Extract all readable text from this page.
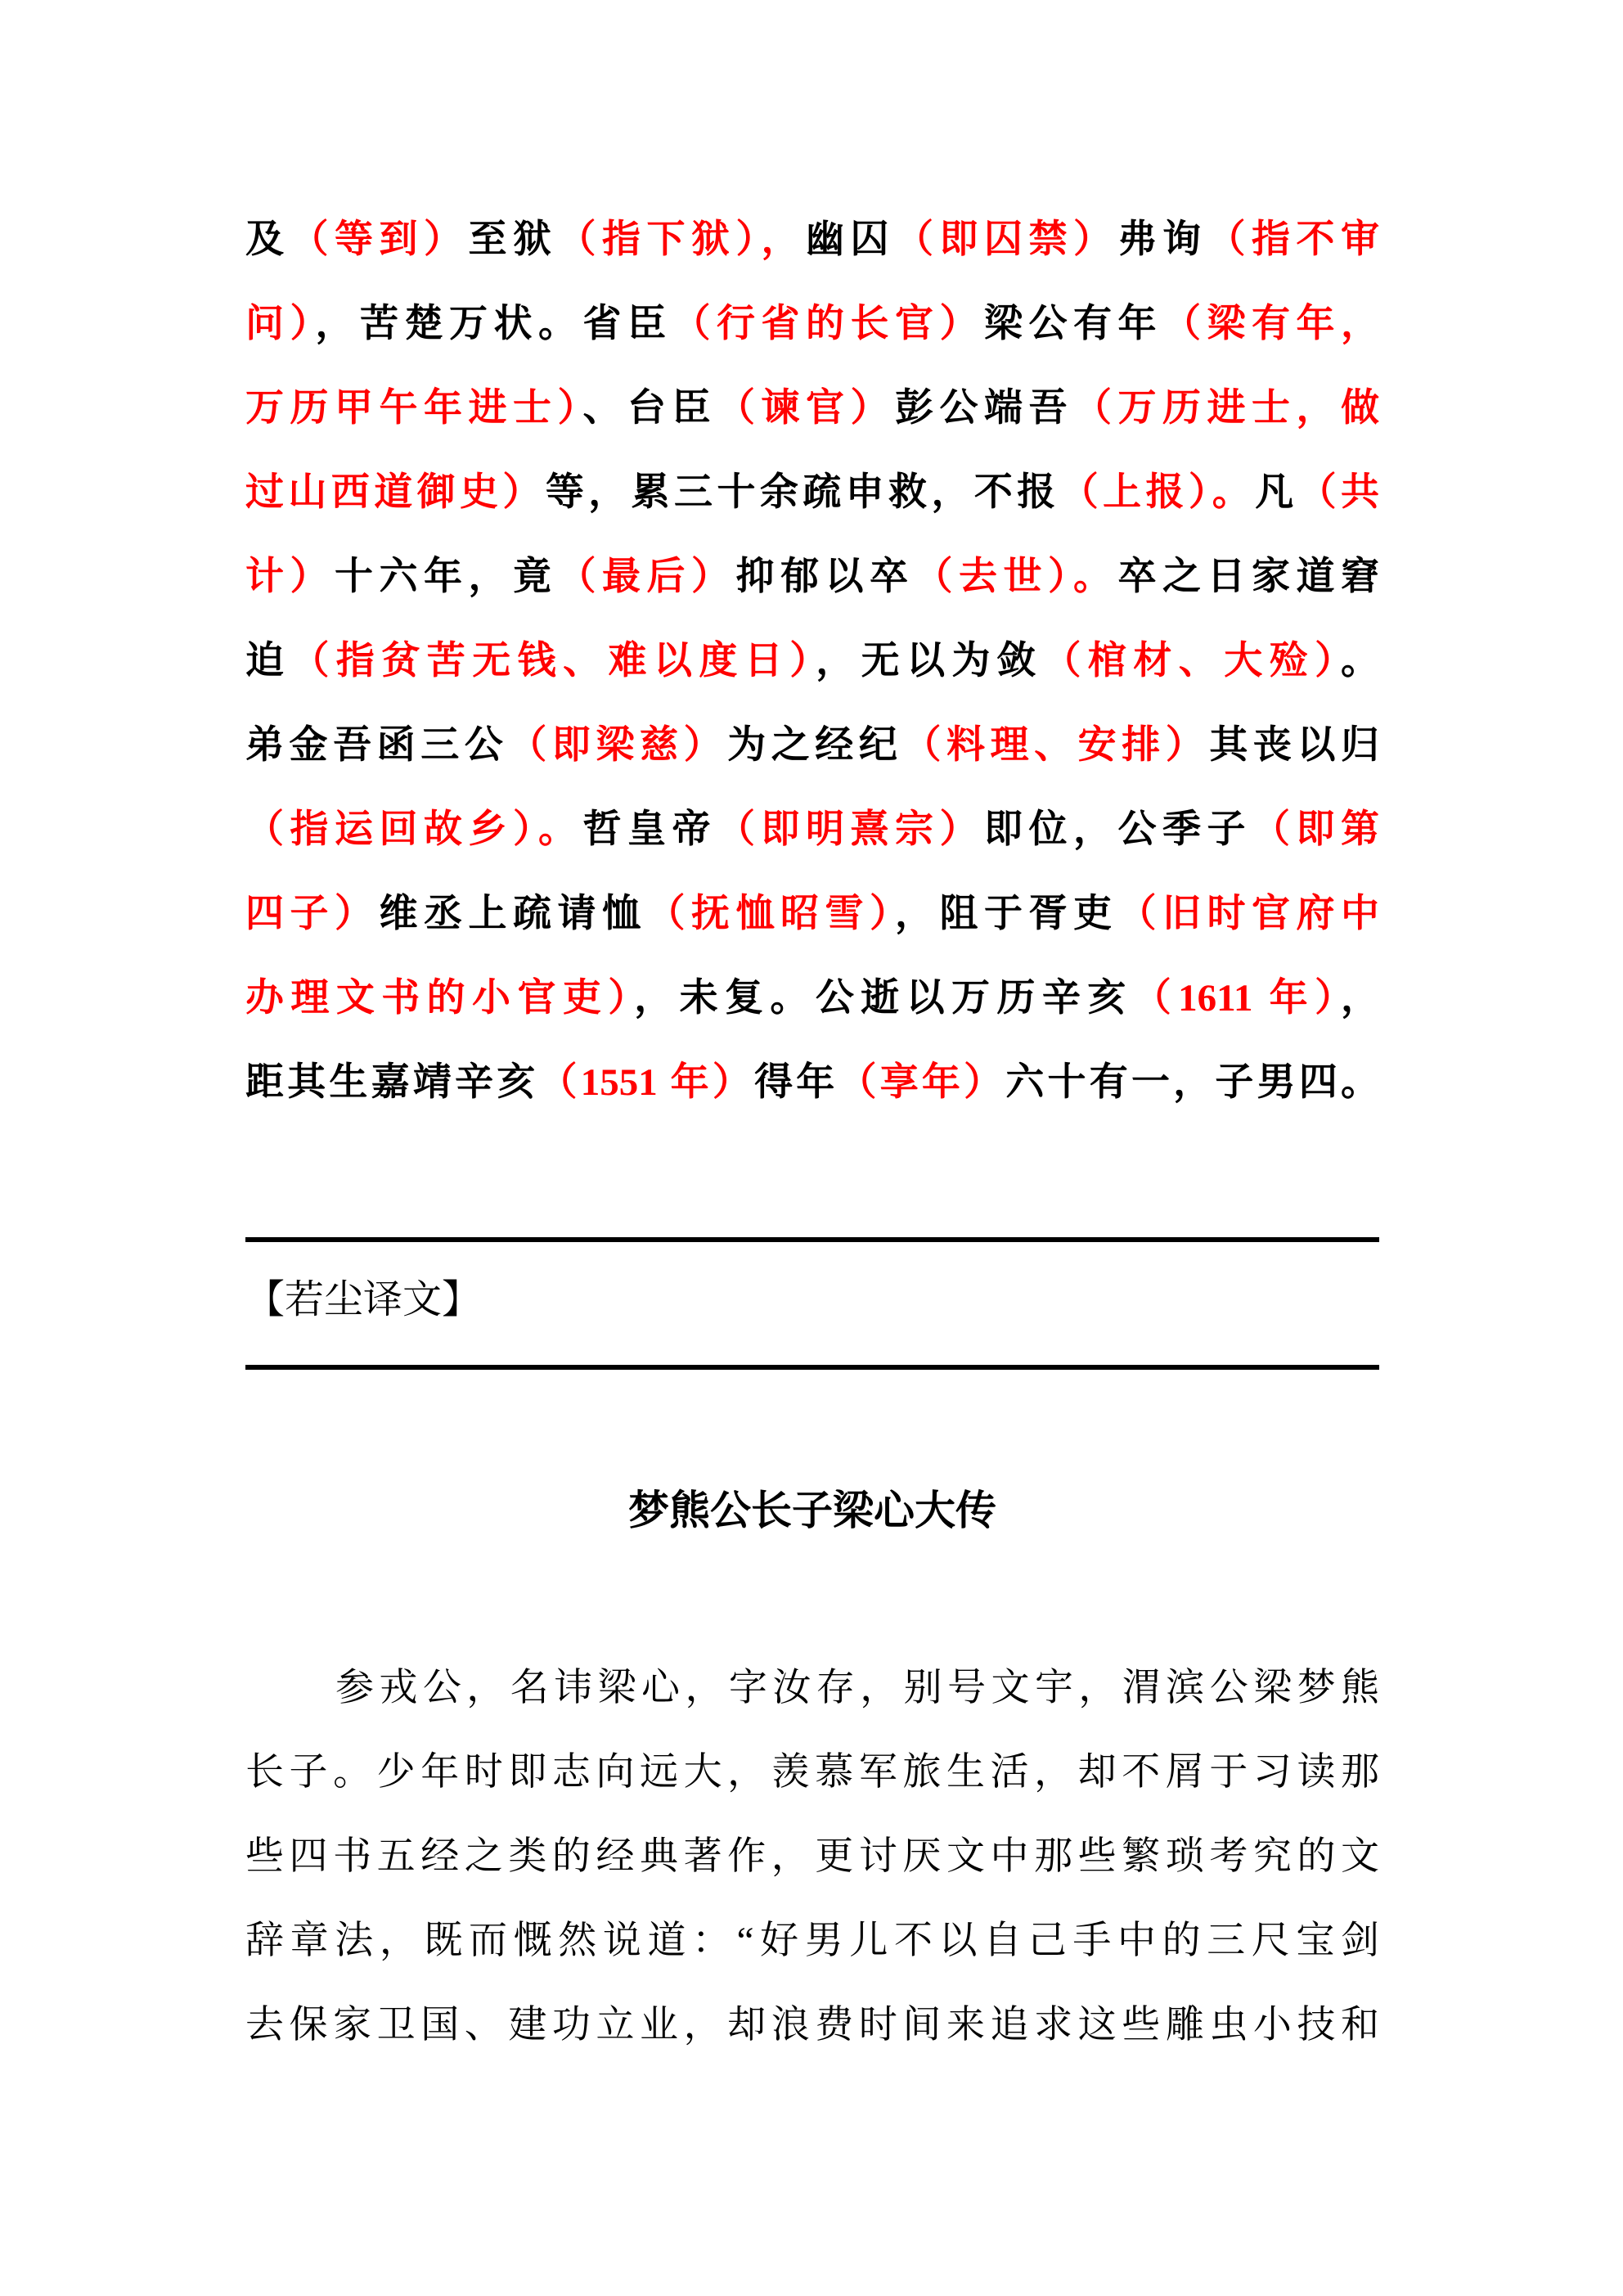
及（等到）至狱（指下狱），幽囚（即囚禁）弗询（指不审
问），苦楚万状。省臣（行省的长官）梁公有年（梁有年，
万历甲午年进士）、台臣（谏官）彭公端吾（万历进士，做
过山西道御史）等，累三十余疏申救，不报（上报）。凡（共
计）十六年，竟（最后）抑郁以卒（去世）。卒之日家道窘
迫（指贫苦无钱、难以度日），无以为敛（棺材、大殓）。
弟金吾函三公（即梁慈）为之经纪（料理、安排）其丧以归
（指运回故乡）。哲皇帝（即明熹宗）即位，公季子（即第
四子）维丞上疏请恤（抚恤昭雪），阻于胥吏（旧时官府中
办理文书的小官吏），未复。公逝以万历辛亥（1611 年），
距其生嘉靖辛亥（1551 年）得年（享年）六十有一，子男四。
【若尘译文】
梦熊公长子梁心大传
参戎公，名讳梁心，字汝存，别号文宇，渭滨公梁梦熊
长子。少年时即志向远大，羡慕军旅生活，却不屑于习读那
些四书五经之类的经典著作，更讨厌文中那些繁琐考究的文
辞章法，既而慨然说道：“好男儿不以自己手中的三尺宝剑
去保家卫国、建功立业，却浪费时间来追求这些雕虫小技和
